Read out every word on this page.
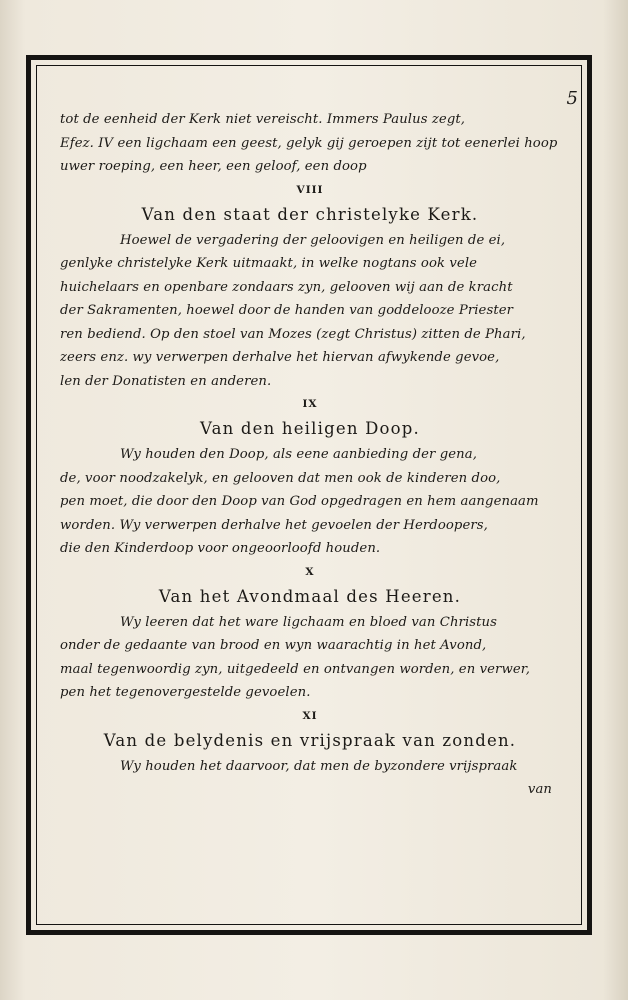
5
tot de eenheid der Kerk niet vereischt. Immers Paulus zegt,
Efez. IV een ligchaam een geest, gelyk gij geroepen zijt tot eenerlei hoop
uwer roeping, een heer, een geloof, een doop
VIII
Van den staat der christelyke Kerk.
Hoewel de vergadering der geloovigen en heiligen de ei,
genlyke christelyke Kerk uitmaakt, in welke nogtans ook vele
huichelaars en openbare zondaars zyn, gelooven wij aan de kracht
der Sakramenten, hoewel door de handen van goddelooze Priester
ren bediend. Op den stoel van Mozes (zegt Christus) zitten de Phari,
zeers enz. wy verwerpen derhalve het hiervan afwykende gevoe,
len der Donatisten en anderen.
IX
Van den heiligen Doop.
Wy houden den Doop, als eene aanbieding der gena,
de, voor noodzakelyk, en gelooven dat men ook de kinderen doo,
pen moet, die door den Doop van God opgedragen en hem aangenaam
worden. Wy verwerpen derhalve het gevoelen der Herdoopers,
die den Kinderdoop voor ongeoorloofd houden.
X
Van het Avondmaal des Heeren.
Wy leeren dat het ware ligchaam en bloed van Christus
onder de gedaante van brood en wyn waarachtig in het Avond,
maal tegenwoordig zyn, uitgedeeld en ontvangen worden, en verwer,
pen het tegenovergestelde gevoelen.
XI
Van de belydenis en vrijspraak van zonden.
Wy houden het daarvoor, dat men de byzondere vrijspraak
van
